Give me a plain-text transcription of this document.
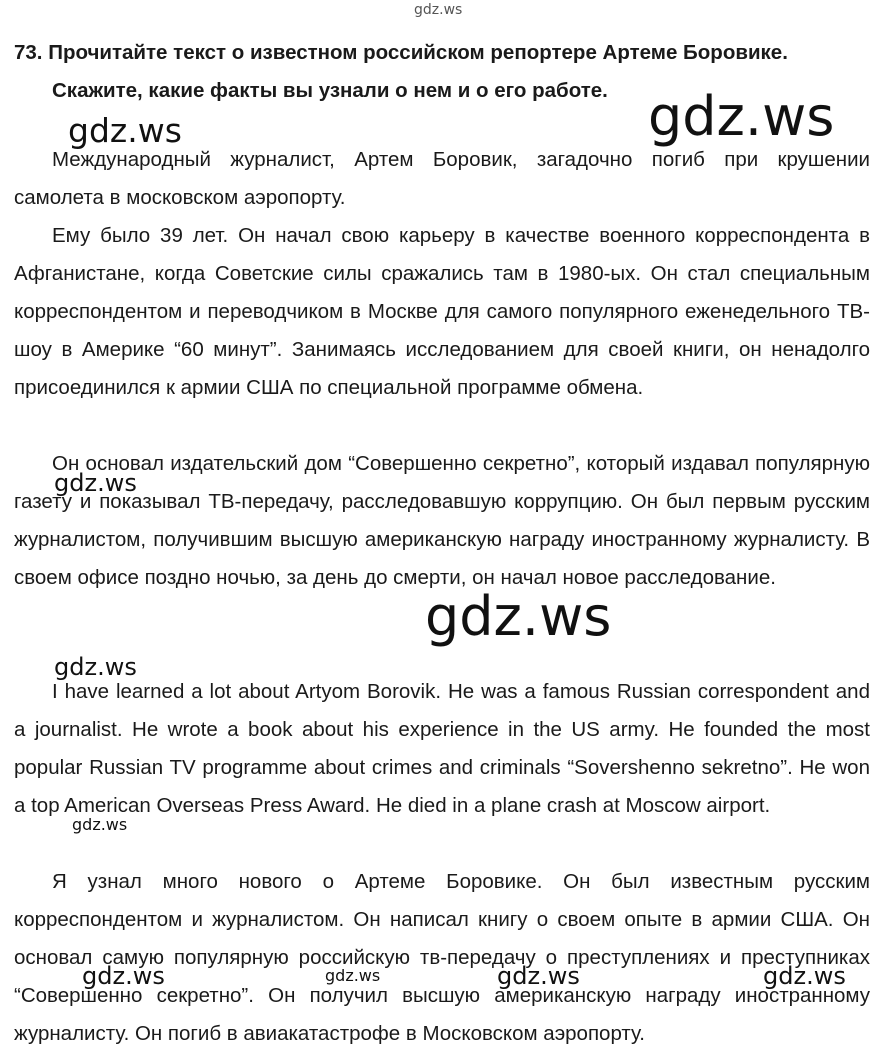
gdz.ws
gdz.ws	gdz.ws
gdz.ws
gdz.ws
gdz.ws
gdz.ws
gdz.ws	gdz.ws	gdz.ws	gdz.ws
73. Прочитайте текст о известном российском репортере Артеме Боровике.
Скажите, какие факты вы узнали о нем и о его работе.
Международный журналист, Артем Боровик, загадочно погиб при крушении самолета в московском аэропорту.
Ему было 39 лет. Он начал свою карьеру в качестве военного корреспондента в Афганистане, когда Советские силы сражались там в 1980-ых. Он стал специальным корреспондентом и переводчиком в Москве для самого популярного еженедельного ТВ-шоу в Америке “60 минут”. Занимаясь исследованием для своей книги, он ненадолго присоединился к армии США по специальной программе обмена.
Он основал издательский дом “Совершенно секретно”, который издавал популярную газету и показывал ТВ-передачу, расследовавшую коррупцию. Он был первым русским журналистом, получившим высшую американскую награду иностранному журналисту. В своем офисе поздно ночью, за день до смерти, он начал новое расследование.
I have learned a lot about Artyom Borovik. He was a famous Russian correspondent and a journalist. He wrote a book about his experience in the US army. He founded the most popular Russian TV programme about crimes and criminals “Sovershenno sekretno”. He won a top American Overseas Press Award. He died in a plane crash at Moscow airport.
Я узнал много нового о Артеме Боровике. Он был известным русским корреспондентом и журналистом. Он написал книгу о своем опыте в армии США. Он основал самую популярную российскую тв-передачу о преступлениях и преступниках “Совершенно секретно”. Он получил высшую американскую награду иностранному журналисту. Он погиб в авиакатастрофе в Московском аэропорту.
